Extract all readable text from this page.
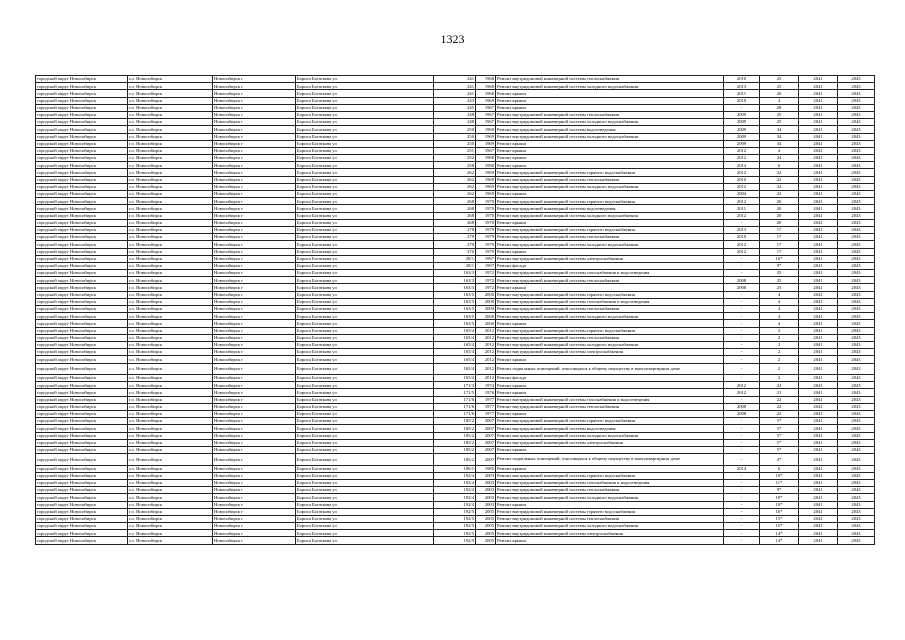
1323
городской округ Новосибирск	г.о. Новосибирск	Новосибирск г	Бориса Богаткова ул	241	1968	Ремонт внутридомовой инженерной системы теплоснабжения	2010	25	2041	2043
городской округ Новосибирск	г.о. Новосибирск	Новосибирск г	Бориса Богаткова ул	241	1968	Ремонт внутридомовой инженерной системы холодного водоснабжения	2013	25	2041	2043
городской округ Новосибирск	г.о. Новосибирск	Новосибирск г	Бориса Богаткова ул	241	1968	Ремонт крыши	2011	26	2041	2043
городской округ Новосибирск	г.о. Новосибирск	Новосибирск г	Бориса Богаткова ул	243	1969	Ремонт крыши	2010	4	2041	2043
городской округ Новосибирск	г.о. Новосибирск	Новосибирск г	Бориса Богаткова ул	245	1967	Ремонт крыши	-	28	2041	2043
городской округ Новосибирск	г.о. Новосибирск	Новосибирск г	Бориса Богаткова ул	248	1967	Ремонт внутридомовой инженерной системы теплоснабжения	2009	25	2041	2043
городской округ Новосибирск	г.о. Новосибирск	Новосибирск г	Бориса Богаткова ул	248	1967	Ремонт внутридомовой инженерной системы холодного водоснабжения	2009	25	2041	2043
городской округ Новосибирск	г.о. Новосибирск	Новосибирск г	Бориса Богаткова ул	250	1969	Ремонт внутридомовой инженерной системы водоотведения	2009	34	2041	2043
городской округ Новосибирск	г.о. Новосибирск	Новосибирск г	Бориса Богаткова ул	250	1969	Ремонт внутридомовой инженерной системы холодного водоснабжения	2009	34	2041	2043
городской округ Новосибирск	г.о. Новосибирск	Новосибирск г	Бориса Богаткова ул	250	1969	Ремонт крыши	2009	34	2041	2043
городской округ Новосибирск	г.о. Новосибирск	Новосибирск г	Бориса Богаткова ул	251	1967	Ремонт крыши	2012	4	2041	2043
городской округ Новосибирск	г.о. Новосибирск	Новосибирск г	Бориса Богаткова ул	252	1968	Ремонт крыши	2012	24	2041	2043
городской округ Новосибирск	г.о. Новосибирск	Новосибирск г	Бориса Богаткова ул	258	1980	Ремонт крыши	2014	6	2041	2043
городской округ Новосибирск	г.о. Новосибирск	Новосибирск г	Бориса Богаткова ул	262	1969	Ремонт внутридомовой инженерной системы горячего водоснабжения	2012	22	2041	2043
городской округ Новосибирск	г.о. Новосибирск	Новосибирск г	Бориса Богаткова ул	262	1969	Ремонт внутридомовой инженерной системы теплоснабжения	2010	22	2041	2043
городской округ Новосибирск	г.о. Новосибирск	Новосибирск г	Бориса Богаткова ул	262	1969	Ремонт внутридомовой инженерной системы холодного водоснабжения	2012	22	2041	2043
городской округ Новосибирск	г.о. Новосибирск	Новосибирск г	Бориса Богаткова ул	262	1969	Ремонт крыши	2004	22	2041	2043
городской округ Новосибирск	г.о. Новосибирск	Новосибирск г	Бориса Богаткова ул	268	1970	Ремонт внутридомовой инженерной системы горячего водоснабжения	2012	20	2041	2043
городской округ Новосибирск	г.о. Новосибирск	Новосибирск г	Бориса Богаткова ул	268	1970	Ремонт внутридомовой инженерной системы водоотведения	2011	20	2041	2043
городской округ Новосибирск	г.о. Новосибирск	Новосибирск г	Бориса Богаткова ул	268	1970	Ремонт внутридомовой инженерной системы холодного водоснабжения	2012	20	2041	2043
городской округ Новосибирск	г.о. Новосибирск	Новосибирск г	Бориса Богаткова ул	268	1970	Ремонт крыши	-	20	2041	2043
городской округ Новосибирск	г.о. Новосибирск	Новосибирск г	Бориса Богаткова ул	270	1979	Ремонт внутридомовой инженерной системы горячего водоснабжения	2013	17	2041	2043
городской округ Новосибирск	г.о. Новосибирск	Новосибирск г	Бориса Богаткова ул	270	1979	Ремонт внутридомовой инженерной системы теплоснабжения	2010	17	2041	2043
городской округ Новосибирск	г.о. Новосибирск	Новосибирск г	Бориса Богаткова ул	270	1979	Ремонт внутридомовой инженерной системы холодного водоснабжения	2012	17	2041	2043
городской округ Новосибирск	г.о. Новосибирск	Новосибирск г	Бориса Богаткова ул	270	1979	Ремонт крыши	2012	17	2041	2043
городской округ Новосибирск	г.о. Новосибирск	Новосибирск г	Бориса Богаткова ул	28/1	1997	Ремонт внутридомовой инженерной системы электроснабжения	-	16*	2041	2043
городской округ Новосибирск	г.о. Новосибирск	Новосибирск г	Бориса Богаткова ул	28/1	1997	Ремонт фасада	-	9*	2041	2043
городской округ Новосибирск	г.о. Новосибирск	Новосибирск г	Бориса Богаткова ул	163/3	1972	Ремонт внутридомовой инженерной системы газоснабжения и водоотведения	-	25	2041	2043
городской округ Новосибирск	г.о. Новосибирск	Новосибирск г	Бориса Богаткова ул	163/3	1972	Ремонт внутридомовой инженерной системы теплоснабжения	2008	25	2041	2043
городской округ Новосибирск	г.о. Новосибирск	Новосибирск г	Бориса Богаткова ул	163/3	1972	Ремонт крыши	2008	25	2041	2043
городской округ Новосибирск	г.о. Новосибирск	Новосибирск г	Бориса Богаткова ул	163/5	2000	Ремонт внутридомовой инженерной системы горячего водоснабжения	-	4	2041	2043
городской округ Новосибирск	г.о. Новосибирск	Новосибирск г	Бориса Богаткова ул	163/5	2000	Ремонт внутридомовой инженерной системы газоснабжения и водоотведения	-	4	2041	2043
городской округ Новосибирск	г.о. Новосибирск	Новосибирск г	Бориса Богаткова ул	163/5	2000	Ремонт внутридомовой инженерной системы теплоснабжения	-	4	2041	2043
городской округ Новосибирск	г.о. Новосибирск	Новосибирск г	Бориса Богаткова ул	163/5	2000	Ремонт внутридомовой инженерной системы холодного водоснабжения	-	4	2041	2043
городской округ Новосибирск	г.о. Новосибирск	Новосибирск г	Бориса Богаткова ул	163/5	2000	Ремонт крыши	-	4	2041	2043
городской округ Новосибирск	г.о. Новосибирск	Новосибирск г	Бориса Богаткова ул	165/4	2012	Ремонт внутридомовой инженерной системы горячего водоснабжения	-	2	2041	2043
городской округ Новосибирск	г.о. Новосибирск	Новосибирск г	Бориса Богаткова ул	165/4	2012	Ремонт внутридомовой инженерной системы теплоснабжения	-	2	2041	2043
городской округ Новосибирск	г.о. Новосибирск	Новосибирск г	Бориса Богаткова ул	165/4	2012	Ремонт внутридомовой инженерной системы холодного водоснабжения	-	2	2041	2043
городской округ Новосибирск	г.о. Новосибирск	Новосибирск г	Бориса Богаткова ул	165/4	2012	Ремонт внутридомовой инженерной системы электроснабжения	-	2	2041	2043
городской округ Новосибирск	г.о. Новосибирск	Новосибирск г	Бориса Богаткова ул	165/4	2012	Ремонт крыши	-	2	2041	2043
городской округ Новосибирск	г.о. Новосибирск	Новосибирск г	Бориса Богаткова ул	165/4	2012	Ремонт подвальных помещений, относящихся к общему имуществу в многоквартирном доме	-	2	2041	2043
городской округ Новосибирск	г.о. Новосибирск	Новосибирск г	Бориса Богаткова ул	165/4	2012	Ремонт фасада	-	2	2041	2043
городской округ Новосибирск	г.о. Новосибирск	Новосибирск г	Бориса Богаткова ул	171/3	1974	Ремонт крыши	2012	22	2041	2043
городской округ Новосибирск	г.о. Новосибирск	Новосибирск г	Бориса Богаткова ул	171/5	1976	Ремонт крыши	2012	21	2041	2043
городской округ Новосибирск	г.о. Новосибирск	Новосибирск г	Бориса Богаткова ул	171/6	1977	Ремонт внутридомовой инженерной системы газоснабжения и водоотведения	-	22	2041	2043
городской округ Новосибирск	г.о. Новосибирск	Новосибирск г	Бориса Богаткова ул	171/6	1977	Ремонт внутридомовой инженерной системы теплоснабжения	2008	22	2041	2043
городской округ Новосибирск	г.о. Новосибирск	Новосибирск г	Бориса Богаткова ул	171/6	1977	Ремонт крыши	2008	22	2041	2043
городской округ Новосибирск	г.о. Новосибирск	Новосибирск г	Бориса Богаткова ул	185/2	2007	Ремонт внутридомовой инженерной системы горячего водоснабжения	-	5*	2041	2043
городской округ Новосибирск	г.о. Новосибирск	Новосибирск г	Бориса Богаткова ул	185/2	2007	Ремонт внутридомовой инженерной системы водоотведения	-	5*	2041	2043
городской округ Новосибирск	г.о. Новосибирск	Новосибирск г	Бориса Богаткова ул	185/2	2007	Ремонт внутридомовой инженерной системы холодного водоснабжения	-	5*	2041	2043
городской округ Новосибирск	г.о. Новосибирск	Новосибирск г	Бориса Богаткова ул	185/2	2007	Ремонт внутридомовой инженерной системы электроснабжения	-	5*	2041	2043
городской округ Новосибирск	г.о. Новосибирск	Новосибирск г	Бориса Богаткова ул	185/2	2007	Ремонт крыши	-	5*	2041	2043
городской округ Новосибирск	г.о. Новосибирск	Новосибирск г	Бориса Богаткова ул	185/2	2007	Ремонт подвальных помещений, относящихся к общему имуществу в многоквартирном доме	-	4*	2041	2043
городской округ Новосибирск	г.о. Новосибирск	Новосибирск г	Бориса Богаткова ул	186/1	1985	Ремонт крыши	2014	6	2041	2043
городской округ Новосибирск	г.о. Новосибирск	Новосибирск г	Бориса Богаткова ул	192/4	2003	Ремонт внутридомовой инженерной системы горячего водоснабжения	-	10*	2041	2043
городской округ Новосибирск	г.о. Новосибирск	Новосибирск г	Бориса Богаткова ул	192/4	2003	Ремонт внутридомовой инженерной системы газоснабжения и водоотведения	-	11*	2041	2043
городской округ Новосибирск	г.о. Новосибирск	Новосибирск г	Бориса Богаткова ул	192/4	2003	Ремонт внутридомовой инженерной системы теплоснабжения	-	9*	2041	2043
городской округ Новосибирск	г.о. Новосибирск	Новосибирск г	Бориса Богаткова ул	192/4	2003	Ремонт внутридомовой инженерной системы холодного водоснабжения	-	10*	2041	2043
городской округ Новосибирск	г.о. Новосибирск	Новосибирск г	Бориса Богаткова ул	192/4	2003	Ремонт крыши	-	10*	2041	2043
городской округ Новосибирск	г.о. Новосибирск	Новосибирск г	Бориса Богаткова ул	192/5	2005	Ремонт внутридомовой инженерной системы горячего водоснабжения	-	16*	2041	2043
городской округ Новосибирск	г.о. Новосибирск	Новосибирск г	Бориса Богаткова ул	192/5	2005	Ремонт внутридомовой инженерной системы теплоснабжения	-	15*	2041	2043
городской округ Новосибирск	г.о. Новосибирск	Новосибирск г	Бориса Богаткова ул	192/5	2005	Ремонт внутридомовой инженерной системы холодного водоснабжения	-	15*	2041	2043
городской округ Новосибирск	г.о. Новосибирск	Новосибирск г	Бориса Богаткова ул	192/5	2005	Ремонт внутридомовой инженерной системы электроснабжения	-	14*	2041	2043
городской округ Новосибирск	г.о. Новосибирск	Новосибирск г	Бориса Богаткова ул	192/5	2005	Ремонт крыши	-	14*	2041	2043
